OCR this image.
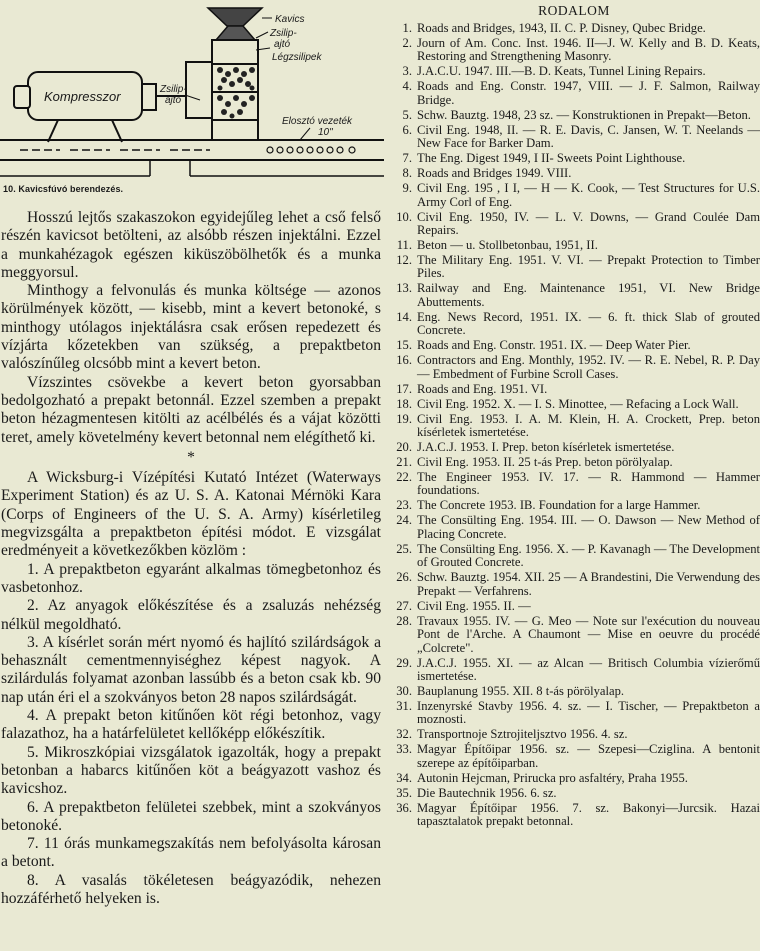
Kavics
Zsilip-
ajtó
Légzsilipek
Zsilip-
ajtó
Kompresszor
Elosztó vezeték
10"
10. Kavicsfúvó berendezés.

Hosszú lejtős szakaszokon egyidejűleg lehet a cső felső részén kavicsot betölteni, az alsóbb részen injektálni. Ezzel a munkahézagok egészen kiküszöbölhetők és a munka meggyorsul.

Minthogy a felvonulás és munka költsége — azonos körülmények között, — kisebb, mint a kevert betonoké, s minthogy utólagos injektálásra csak erősen repedezett és vízjárta kőzetekben van szükség, a prepaktbeton valószínűleg olcsóbb mint a kevert beton.

Vízszintes csövekbe a kevert beton gyorsabban bedolgozható a prepakt betonnál. Ezzel szemben a prepakt beton hézagmentesen kitölti az acélbélés és a vájat közötti teret, amely követelmény kevert betonnal nem elégíthető ki.

*

A Wicksburg-i Vízépítési Kutató Intézet (Waterways Experiment Station) és az U. S. A. Katonai Mérnöki Kara (Corps of Engineers of the U. S. A. Army) kísérletileg megvizsgálta a prepaktbeton építési módot. E vizsgálat eredményeit a következőkben közlöm :

1. A prepaktbeton egyaránt alkalmas tömegbetonhoz és vasbetonhoz.

2. Az anyagok előkészítése és a zsaluzás nehézség nélkül megoldható.

3. A kísérlet során mért nyomó és hajlító szilárdságok a behasznált cementmennyiséghez képest nagyok. A szilárdulás folyamat azonban lassúbb és a beton csak kb. 90 nap után éri el a szokványos beton 28 napos szilárdságát.

4. A prepakt beton kitűnően köt régi betonhoz, vagy falazathoz, ha a határfelületet kellőképp előkészítik.

5. Mikroszkópiai vizsgálatok igazolták, hogy a prepakt betonban a habarcs kitűnően köt a beágyazott vashoz és kavicshoz.

6. A prepaktbeton felületei szebbek, mint a szokványos betonoké.

7. 11 órás munkamegszakítás nem befolyásolta károsan a betont.

8. A vasalás tökéletesen beágyazódik, nehezen hozzáférhető helyeken is.

RODALOM
1. Roads and Bridges, 1943, II. C. P. Disney, Qubec Bridge.
2. Journ of Am. Conc. Inst. 1946. II—J. W. Kelly and B. D. Keats, Restoring and Strengthening Masonry.
3. J.A.C.U. 1947. III.—B. D. Keats, Tunnel Lining Repairs.
4. Roads and Eng. Constr. 1947, VIII. — J. F. Salmon, Railway Bridge.
5. Schw. Bauztg. 1948, 23 sz. — Konstruktionen in Prepakt—Beton.
6. Civil Eng. 1948, II. — R. E. Davis, C. Jansen, W. T. Neelands — New Face for Barker Dam.
7. The Eng. Digest 1949, I II- Sweets Point Lighthouse.
8. Roads and Bridges 1949. VIII.
9. Civil Eng. 195 , I I, — H — K. Cook, — Test Structures for U.S. Army Corl of Eng.
10. Civil Eng. 1950, IV. — L. V. Downs, — Grand Coulée Dam Repairs.
11. Beton — u. Stollbetonbau, 1951, II.
12. The Military Eng. 1951. V. VI. — Prepakt Protection to Timber Piles.
13. Railway and Eng. Maintenance 1951, VI. New Bridge Abuttements.
14. Eng. News Record, 1951. IX. — 6. ft. thick Slab of grouted Concrete.
15. Roads and Eng. Constr. 1951. IX. — Deep Water Pier.
16. Contractors and Eng. Monthly, 1952. IV. — R. E. Nebel, R. P. Day — Embedment of Furbine Scroll Cases.
17. Roads and Eng. 1951. VI.
18. Civil Eng. 1952. X. — I. S. Minottee, — Refacing a Lock Wall.
19. Civil Eng. 1953. I. A. M. Klein, H. A. Crockett, Prep. beton kísérletek ismertetése.
20. J.A.C.J. 1953. I. Prep. beton kísérletek ismertetése.
21. Civil Eng. 1953. II. 25 t-ás Prep. beton pörölyalap.
22. The Engineer 1953. IV. 17. — R. Hammond — Hammer foundations.
23. The Concrete 1953. IB. Foundation for a large Hammer.
24. The Consülting Eng. 1954. III. — O. Dawson — New Method of Placing Concrete.
25. The Consülting Eng. 1956. X. — P. Kavanagh — The Development of Grouted Concrete.
26. Schw. Bauztg. 1954. XII. 25 — A Brandestini, Die Verwendung des Prepakt — Verfahrens.
27. Civil Eng. 1955. II. —
28. Travaux 1955. IV. — G. Meo — Note sur l'exécution du nouveau Pont de l'Arche. A Chaumont — Mise en oeuvre du procédé „Colcrete".
29. J.A.C.J. 1955. XI. — az Alcan — Britisch Columbia vízierőmű ismertetése.
30. Bauplanung 1955. XII. 8 t-ás pörölyalap.
31. Inzenyrské Stavby 1956. 4. sz. — I. Tischer, — Prepaktbeton a moznosti.
32. Transportnoje Sztrojiteljsztvo 1956. 4. sz.
33. Magyar Építőipar 1956. sz. — Szepesi—Cziglina. A bentonit szerepe az építőiparban.
34. Autonin Hejcman, Prirucka pro asfaltéry, Praha 1955.
35. Die Bautechnik 1956. 6. sz.
36. Magyar Építőipar 1956. 7. sz. Bakonyi—Jurcsik. Hazai tapasztalatok prepakt betonnal.
